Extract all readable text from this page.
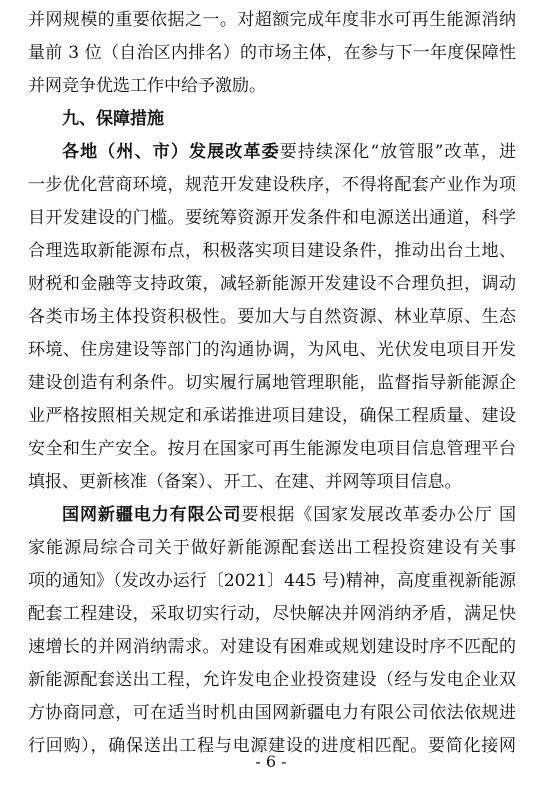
并网规模的重要依据之一。对超额完成年度非水可再生能源消纳
量前 3 位（自治区内排名）的市场主体，在参与下一年度保障性
并网竞争优选工作中给予激励。
九、保障措施
各地（州、市）发展改革委要持续深化“放管服”改革，进
一步优化营商环境，规范开发建设秩序，不得将配套产业作为项
目开发建设的门槛。要统筹资源开发条件和电源送出通道，科学
合理选取新能源布点，积极落实项目建设条件，推动出台土地、
财税和金融等支持政策，减轻新能源开发建设不合理负担，调动
各类市场主体投资积极性。要加大与自然资源、林业草原、生态
环境、住房建设等部门的沟通协调，为风电、光伏发电项目开发
建设创造有利条件。切实履行属地管理职能，监督指导新能源企
业严格按照相关规定和承诺推进项目建设，确保工程质量、建设
安全和生产安全。按月在国家可再生能源发电项目信息管理平台
填报、更新核准（备案）、开工、在建、并网等项目信息。
国网新疆电力有限公司要根据《国家发展改革委办公厅 国
家能源局综合司关于做好新能源配套送出工程投资建设有关事
项的通知》（发改办运行〔2021〕445 号)精神，高度重视新能源
配套工程建设，采取切实行动，尽快解决并网消纳矛盾，满足快
速增长的并网消纳需求。对建设有困难或规划建设时序不匹配的
新能源配套送出工程，允许发电企业投资建设（经与发电企业双
方协商同意，可在适当时机由国网新疆电力有限公司依法依规进
行回购），确保送出工程与电源建设的进度相匹配。要简化接网
- 6 -
